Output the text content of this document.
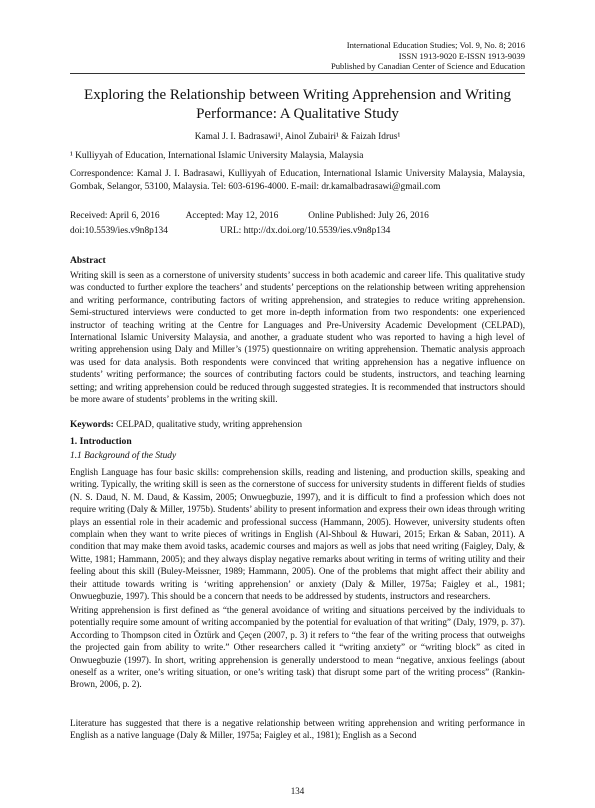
International Education Studies; Vol. 9, No. 8; 2016
ISSN 1913-9020 E-ISSN 1913-9039
Published by Canadian Center of Science and Education
Exploring the Relationship between Writing Apprehension and Writing Performance: A Qualitative Study
Kamal J. I. Badrasawi¹, Ainol Zubairi¹ & Faizah Idrus¹
¹ Kulliyyah of Education, International Islamic University Malaysia, Malaysia
Correspondence: Kamal J. I. Badrasawi, Kulliyyah of Education, International Islamic University Malaysia, Malaysia, Gombak, Selangor, 53100, Malaysia. Tel: 603-6196-4000. E-mail: dr.kamalbadrasawi@gmail.com
Received: April 6, 2016	Accepted: May 12, 2016	Online Published: July 26, 2016
doi:10.5539/ies.v9n8p134	URL: http://dx.doi.org/10.5539/ies.v9n8p134
Abstract
Writing skill is seen as a cornerstone of university students’ success in both academic and career life. This qualitative study was conducted to further explore the teachers’ and students’ perceptions on the relationship between writing apprehension and writing performance, contributing factors of writing apprehension, and strategies to reduce writing apprehension. Semi-structured interviews were conducted to get more in-depth information from two respondents: one experienced instructor of teaching writing at the Centre for Languages and Pre-University Academic Development (CELPAD), International Islamic University Malaysia, and another, a graduate student who was reported to having a high level of writing apprehension using Daly and Miller’s (1975) questionnaire on writing apprehension. Thematic analysis approach was used for data analysis. Both respondents were convinced that writing apprehension has a negative influence on students’ writing performance; the sources of contributing factors could be students, instructors, and teaching learning setting; and writing apprehension could be reduced through suggested strategies. It is recommended that instructors should be more aware of students’ problems in the writing skill.
Keywords: CELPAD, qualitative study, writing apprehension
1. Introduction
1.1 Background of the Study
English Language has four basic skills: comprehension skills, reading and listening, and production skills, speaking and writing. Typically, the writing skill is seen as the cornerstone of success for university students in different fields of studies (N. S. Daud, N. M. Daud, & Kassim, 2005; Onwuegbuzie, 1997), and it is difficult to find a profession which does not require writing (Daly & Miller, 1975b). Students’ ability to present information and express their own ideas through writing plays an essential role in their academic and professional success (Hammann, 2005). However, university students often complain when they want to write pieces of writings in English (Al-Shboul & Huwari, 2015; Erkan & Saban, 2011). A condition that may make them avoid tasks, academic courses and majors as well as jobs that need writing (Faigley, Daly, & Witte, 1981; Hammann, 2005); and they always display negative remarks about writing in terms of writing utility and their feeling about this skill (Buley-Meissner, 1989; Hammann, 2005). One of the problems that might affect their ability and their attitude towards writing is ‘writing apprehension’ or anxiety (Daly & Miller, 1975a; Faigley et al., 1981; Onwuegbuzie, 1997). This should be a concern that needs to be addressed by students, instructors and researchers.
Writing apprehension is first defined as “the general avoidance of writing and situations perceived by the individuals to potentially require some amount of writing accompanied by the potential for evaluation of that writing” (Daly, 1979, p. 37). According to Thompson cited in Öztürk and Çeçen (2007, p. 3) it refers to “the fear of the writing process that outweighs the projected gain from ability to write.” Other researchers called it “writing anxiety” or “writing block” as cited in Onwuegbuzie (1997). In short, writing apprehension is generally understood to mean “negative, anxious feelings (about oneself as a writer, one’s writing situation, or one’s writing task) that disrupt some part of the writing process” (Rankin-Brown, 2006, p. 2).
Literature has suggested that there is a negative relationship between writing apprehension and writing performance in English as a native language (Daly & Miller, 1975a; Faigley et al., 1981); English as a Second
134
